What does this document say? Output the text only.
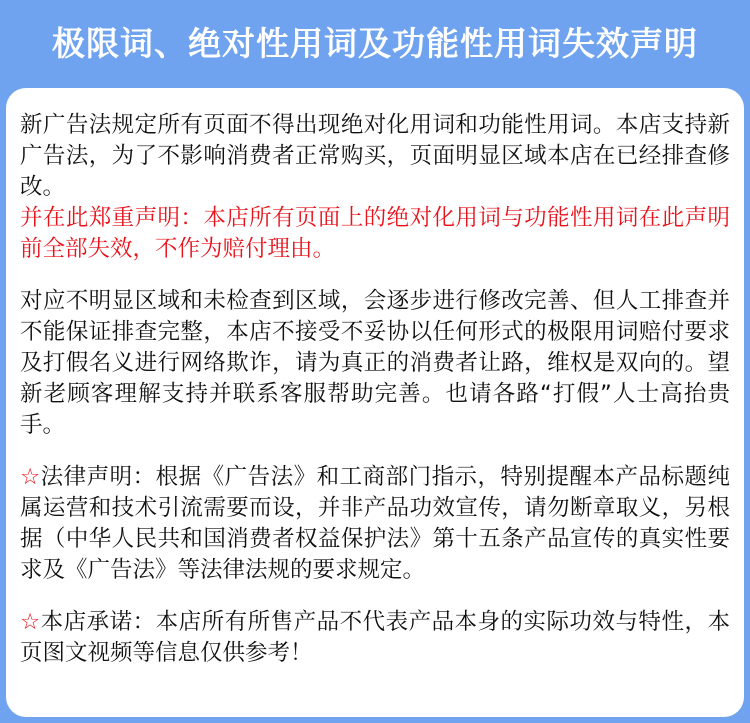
极限词、绝对性用词及功能性用词失效声明

新广告法规定所有页面不得出现绝对化用词和功能性用词。本店支持新广告法，为了不影响消费者正常购买，页面明显区域本店在已经排查修改。

并在此郑重声明：本店所有页面上的绝对化用词与功能性用词在此声明前全部失效，不作为赔付理由。

对应不明显区域和未检查到区域，会逐步进行修改完善、但人工排查并不能保证排查完整，本店不接受不妥协以任何形式的极限用词赔付要求及打假名义进行网络欺诈，请为真正的消费者让路，维权是双向的。望新老顾客理解支持并联系客服帮助完善。也请各路“打假”人士高抬贵手。

☆法律声明：根据《广告法》和工商部门指示，特别提醒本产品标题纯属运营和技术引流需要而设，并非产品功效宣传，请勿断章取义，另根据（中华人民共和国消费者权益保护法》第十五条产品宣传的真实性要求及《广告法》等法律法规的要求规定。

☆本店承诺：本店所有所售产品不代表产品本身的实际功效与特性，本页图文视频等信息仅供参考！
